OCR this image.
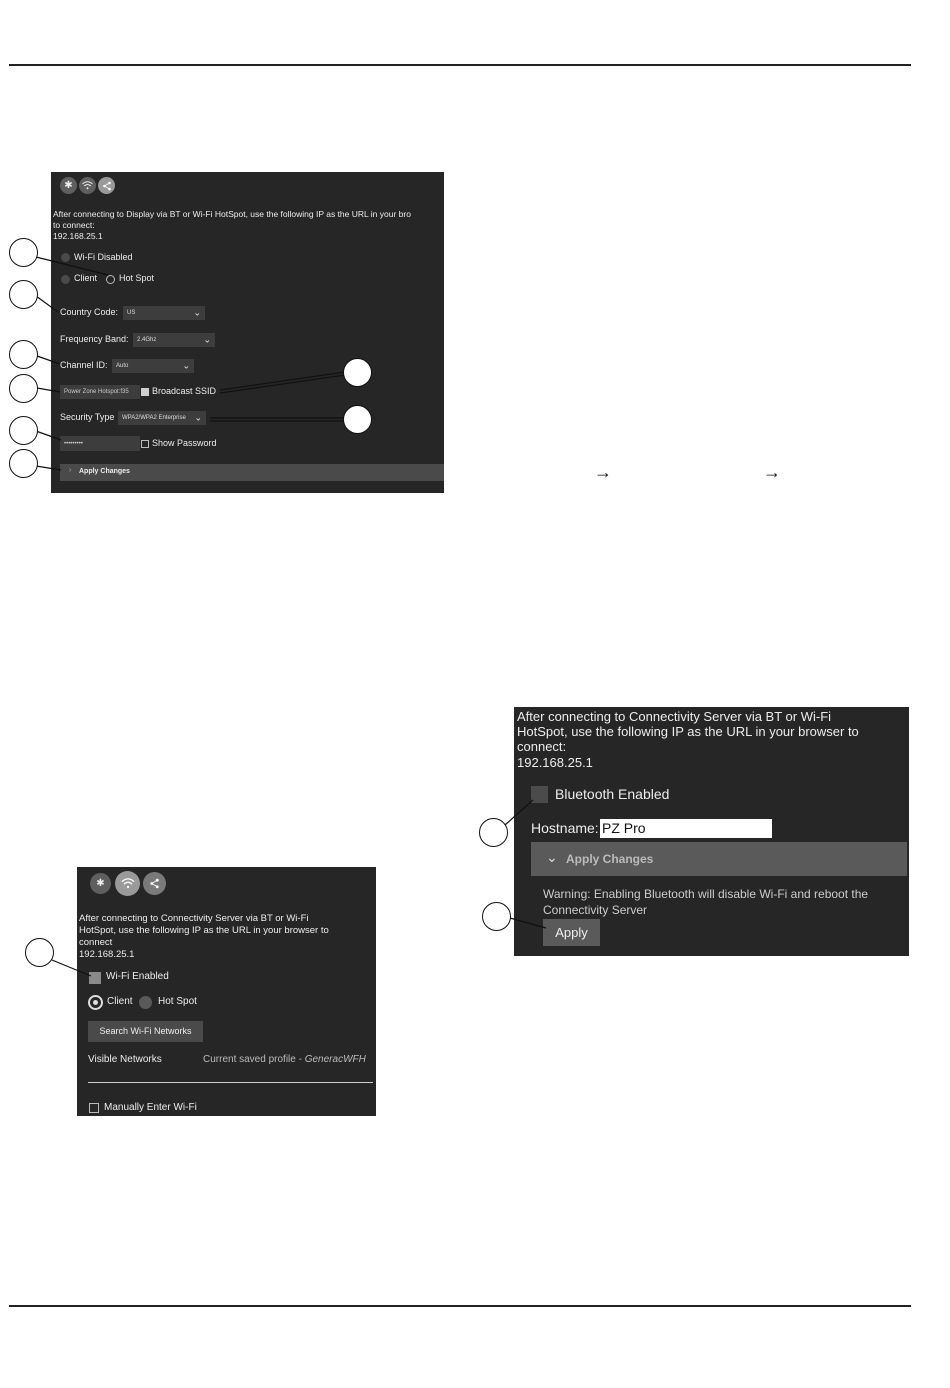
✱
After connecting to Display via BT or Wi-Fi HotSpot, use the following IP as the URL in your bro
to connect:
192.168.25.1
Wi-Fi Disabled
Client Hot Spot
Country Code: US	⌄
Frequency Band: 2.4Ghz	⌄
Channel ID: Auto	⌄
Power Zone Hotspot:f35	Broadcast SSID
Security Type WPA2/WPA2 Enterprise ⌄
•••••••••	Show Password
› Apply Changes	→	→
After connecting to Connectivity Server via BT or Wi-Fi
HotSpot, use the following IP as the URL in your browser to
connect:
192.168.25.1
Bluetooth Enabled
Hostname: PZ Pro
⌄ Apply Changes
Warning: Enabling Bluetooth will disable Wi-Fi and reboot the
Connectivity Server
Apply
✱
After connecting to Connectivity Server via BT or Wi-Fi
HotSpot, use the following IP as the URL in your browser to
connect
192.168.25.1
Wi-Fi Enabled
Client	Hot Spot
Search Wi-Fi Networks
Visible Networks	Current saved profile - GeneracWFH
Manually Enter Wi-Fi
